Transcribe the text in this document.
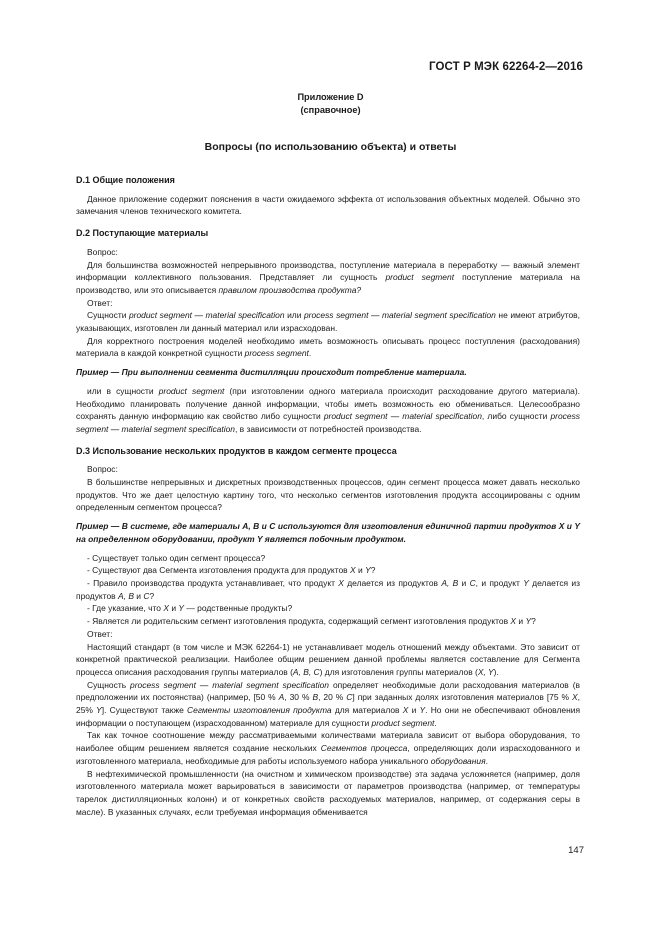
ГОСТ Р МЭК 62264-2—2016
Приложение D
(справочное)
Вопросы (по использованию объекта) и ответы

D.1 Общие положения

Данное приложение содержит пояснения в части ожидаемого эффекта от использования объектных моделей. Обычно это замечания членов технического комитета.

D.2 Поступающие материалы

Вопрос:

Для большинства возможностей непрерывного производства, поступление материала в переработку — важный элемент информации коллективного пользования. Представляет ли сущность product segment поступление материала на производство, или это описывается правилом производства продукта?

Ответ:

Сущности product segment — material specification или process segment — material segment specification не имеют атрибутов, указывающих, изготовлен ли данный материал или израсходован.

Для корректного построения моделей необходимо иметь возможность описывать процесс поступления (расходования) материала в каждой конкретной сущности process segment.

Пример — При выполнении сегмента дистилляции происходит потребление материала.

или в сущности product segment (при изготовлении одного материала происходит расходование другого материала). Необходимо планировать получение данной информации, чтобы иметь возможность ею обмениваться. Целесообразно сохранять данную информацию как свойство либо сущности product segment — material specification, либо сущности process segment — material segment specification, в зависимости от потребностей производства.

D.3 Использование нескольких продуктов в каждом сегменте процесса

Вопрос:

В большинстве непрерывных и дискретных производственных процессов, один сегмент процесса может давать несколько продуктов. Что же дает целостную картину того, что несколько сегментов изготовления продукта ассоциированы с одним определенным сегментом процесса?

Пример — В системе, где материалы А, В и С используются для изготовления единичной партии продуктов X и Y на определенном оборудовании, продукт Y является побочным продуктом.

- Существует только один сегмент процесса?

- Существуют два Сегмента изготовления продукта для продуктов X и Y?

- Правило производства продукта устанавливает, что продукт X делается из продуктов A, B и C, и продукт Y делается из продуктов A, B и C?

- Где указание, что X и Y — родственные продукты?

- Является ли родительским сегмент изготовления продукта, содержащий сегмент изготовления продуктов X и Y?

Ответ:

Настоящий стандарт (в том числе и МЭК 62264-1) не устанавливает модель отношений между объектами. Это зависит от конкретной практической реализации. Наиболее общим решением данной проблемы является составление для Сегмента процесса описания расходования группы материалов (A, B, C) для изготовления группы материалов (X, Y).

Сущность process segment — material segment specification определяет необходимые доли расходования материалов (в предположении их постоянства) (например, [50 % A, 30 % B, 20 % C] при заданных долях изготовления материалов [75 % X, 25% Y]. Существуют также Сегменты изготовления продукта для материалов X и Y. Но они не обеспечивают обновления информации о поступающем (израсходованном) материале для сущности product segment.

Так как точное соотношение между рассматриваемыми количествами материала зависит от выбора оборудования, то наиболее общим решением является создание нескольких Сегментов процесса, определяющих доли израсходованного и изготовленного материала, необходимые для работы используемого набора уникального оборудования.

В нефтехимической промышленности (на очистном и химическом производстве) эта задача усложняется (например, доля изготовленного материала может варьироваться в зависимости от параметров производства (например, от температуры тарелок дистилляционных колонн) и от конкретных свойств расходуемых материалов, например, от содержания серы в масле). В указанных случаях, если требуемая информация обменивается

147
